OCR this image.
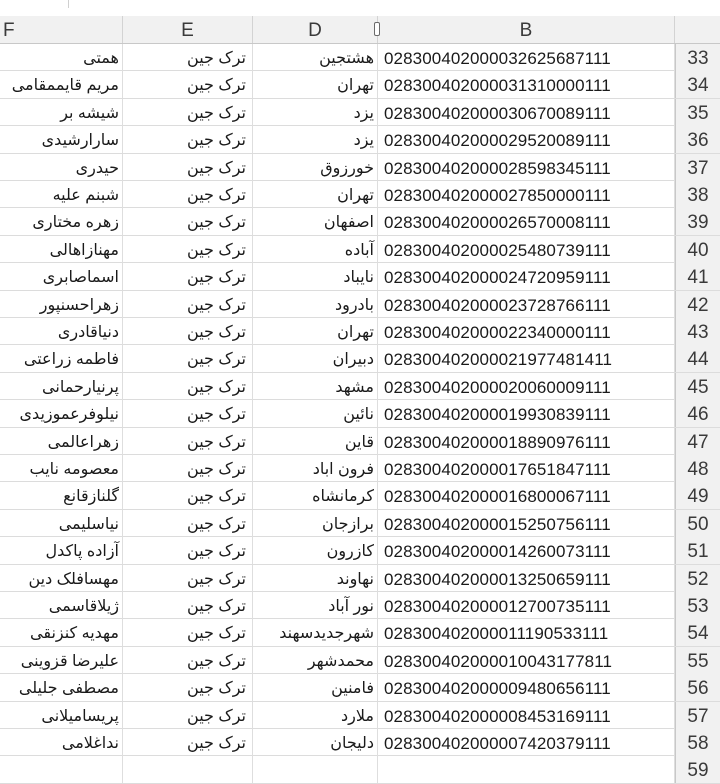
F	E	D	B
همتی	ترک جین	هشتجین 028300402000032625687111	33
مریم قایممقامی	ترک جین	تهران 028300402000031310000111	34
شیشه بر	ترک جین	یزد 028300402000030670089111	35
سارارشیدی	ترک جین	یزد 028300402000029520089111	36
حیدری	ترک جین	خورزوق 028300402000028598345111	37
شبنم علیه	ترک جین	تهران 028300402000027850000111	38
زهره مختاری	ترک جین	اصفهان 028300402000026570008111	39
مهنازاهالی	ترک جین	آباده 028300402000025480739111	40
اسماصابری	ترک جین	نایباد 028300402000024720959111	41
زهراحسنپور	ترک جین	بادرود 028300402000023728766111	42
دنیاقادری	ترک جین	تهران 028300402000022340000111	43
فاطمه زراعتی	ترک جین	دبیران 028300402000021977481411	44
پرنیارحمانی	ترک جین	مشهد 028300402000020060009111	45
نیلوفرعموزیدی	ترک جین	نائین 028300402000019930839111	46
زهراعالمی	ترک جین	قاین 028300402000018890976111	47
معصومه نایب	ترک جین	فرون اباد 028300402000017651847111	48
گلنازقانع	ترک جین	کرمانشاه 028300402000016800067111	49
نیاسلیمی	ترک جین	برازجان 028300402000015250756111	50
آزاده پاکدل	ترک جین	کازرون 028300402000014260073111	51
مهسافلک دین	ترک جین	نهاوند 028300402000013250659111	52
ژیلاقاسمی	ترک جین	نور آباد 028300402000012700735111	53
مهدیه کنزنقی	ترک جین	شهرجدیدسهند 028300402000011190533111	54
علیرضا قزوینی	ترک جین	محمدشهر 028300402000010043177811	55
مصطفی جلیلی	ترک جین	فامنین 028300402000009480656111	56
پریسامیلانی	ترک جین	ملارد 028300402000008453169111	57
نداغلامی	ترک جین	دلیجان 028300402000007420379111	58
59
